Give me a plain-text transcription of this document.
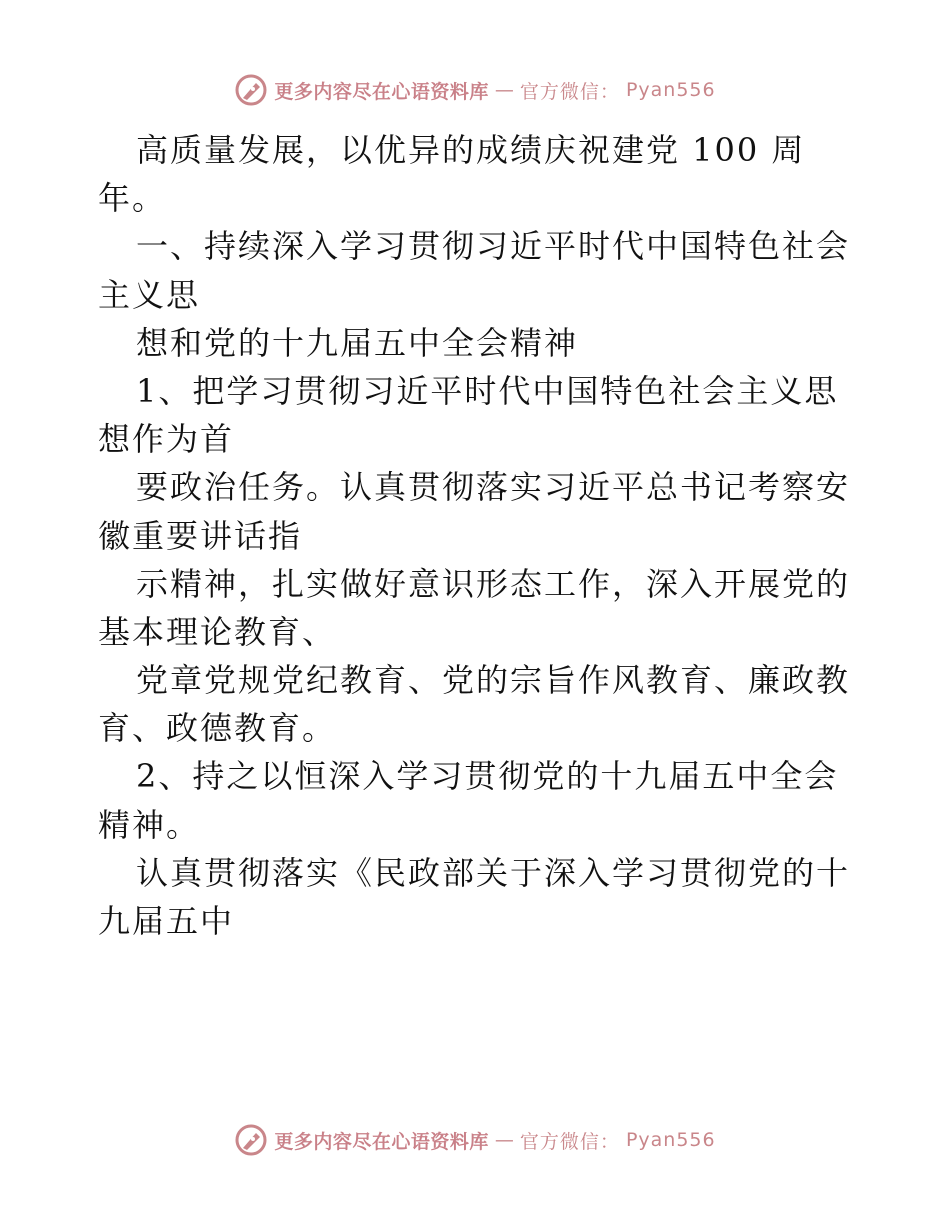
更多内容尽在心语资料库 — 官方微信： Pyan556
高质量发展，以优异的成绩庆祝建党 100 周
年。
一、持续深入学习贯彻习近平时代中国特色社会
主义思
想和党的十九届五中全会精神
1、把学习贯彻习近平时代中国特色社会主义思
想作为首
要政治任务。认真贯彻落实习近平总书记考察安
徽重要讲话指
示精神，扎实做好意识形态工作，深入开展党的
基本理论教育、
党章党规党纪教育、党的宗旨作风教育、廉政教
育、政德教育。
2、持之以恒深入学习贯彻党的十九届五中全会
精神。
认真贯彻落实《民政部关于深入学习贯彻党的十
九届五中
更多内容尽在心语资料库 — 官方微信： Pyan556
